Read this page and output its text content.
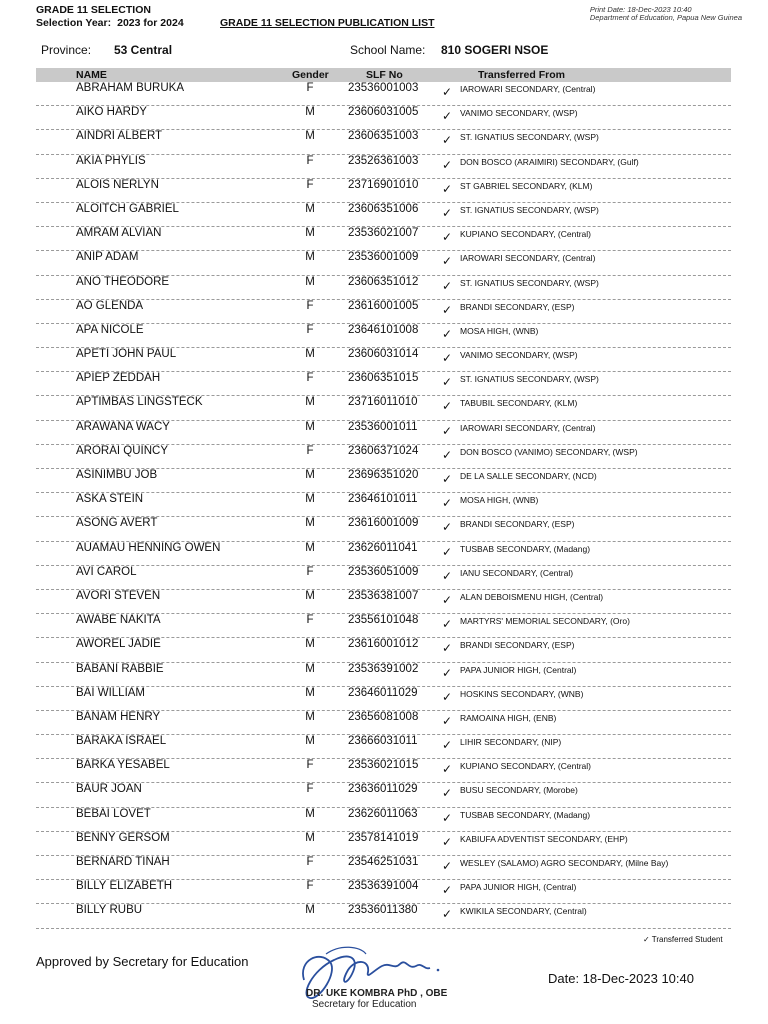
GRADE 11 SELECTION
Selection Year: 2023 for 2024	GRADE 11 SELECTION PUBLICATION LIST
Print Date: 18-Dec-2023 10:40
Department of Education, Papua New Guinea
Province: 53 Central	School Name: 810 SOGERI NSOE
NAME	Gender	SLF No	Transferred From
ABRAHAM BURUKA	F	23536001003 ✓ IAROWARI SECONDARY, (Central)
AIKO HARDY	M	23606031005 ✓ VANIMO SECONDARY, (WSP)
AINDRI ALBERT	M	23606351003 ✓ ST. IGNATIUS SECONDARY, (WSP)
AKIA PHYLIS	F	23526361003 ✓ DON BOSCO (ARAIMIRI) SECONDARY, (Gulf)
ALOIS NERLYN	F	23716901010 ✓ ST GABRIEL SECONDARY, (KLM)
ALOITCH GABRIEL	M	23606351006 ✓ ST. IGNATIUS SECONDARY, (WSP)
AMRAM ALVIAN	M	23536021007 ✓ KUPIANO SECONDARY, (Central)
ANIP ADAM	M	23536001009 ✓ IAROWARI SECONDARY, (Central)
ANO THEODORE	M	23606351012 ✓ ST. IGNATIUS SECONDARY, (WSP)
AO GLENDA	F	23616001005 ✓ BRANDI SECONDARY, (ESP)
APA NICOLE	F	23646101008 ✓ MOSA HIGH, (WNB)
APETI JOHN PAUL	M	23606031014 ✓ VANIMO SECONDARY, (WSP)
APIEP ZEDDAH	F	23606351015 ✓ ST. IGNATIUS SECONDARY, (WSP)
APTIMBAS LINGSTECK	M	23716011010 ✓ TABUBIL SECONDARY, (KLM)
ARAWANA WACY	M	23536001011 ✓ IAROWARI SECONDARY, (Central)
ARORAI QUINCY	F	23606371024 ✓ DON BOSCO (VANIMO) SECONDARY, (WSP)
ASINIMBU JOB	M	23696351020 ✓ DE LA SALLE SECONDARY, (NCD)
ASKA STEIN	M	23646101011 ✓ MOSA HIGH, (WNB)
ASONG AVERT	M	23616001009 ✓ BRANDI SECONDARY, (ESP)
AUAMAU HENNING OWEN	M	23626011041 ✓ TUSBAB SECONDARY, (Madang)
AVI CAROL	F	23536051009 ✓ IANU SECONDARY, (Central)
AVORI STEVEN	M	23536381007 ✓ ALAN DEBOISMENU HIGH, (Central)
AWABE NAKITA	F	23556101048 ✓ MARTYRS' MEMORIAL SECONDARY, (Oro)
AWOREL JADIE	M	23616001012 ✓ BRANDI SECONDARY, (ESP)
BABANI RABBIE	M	23536391002 ✓ PAPA JUNIOR HIGH, (Central)
BAI WILLIAM	M	23646011029 ✓ HOSKINS SECONDARY, (WNB)
BANAM HENRY	M	23656081008 ✓ RAMOAINA HIGH, (ENB)
BARAKA ISRAEL	M	23666031011 ✓ LIHIR SECONDARY, (NIP)
BARKA YESABEL	F	23536021015 ✓ KUPIANO SECONDARY, (Central)
BAUR JOAN	F	23636011029 ✓ BUSU SECONDARY, (Morobe)
BEBAI LOVET	M	23626011063 ✓ TUSBAB SECONDARY, (Madang)
BENNY GERSOM	M	23578141019 ✓ KABIUFA ADVENTIST SECONDARY, (EHP)
BERNARD TINAH	F	23546251031 ✓ WESLEY (SALAMO) AGRO SECONDARY, (Milne Bay)
BILLY ELIZABETH	F	23536391004 ✓ PAPA JUNIOR HIGH, (Central)
BILLY RUBU	M	23536011380 ✓ KWIKILA SECONDARY, (Central)
✓ Transferred Student
Approved by Secretary for Education
DR. UKE KOMBRA PhD , OBE
Secretary for Education
Date: 18-Dec-2023 10:40
